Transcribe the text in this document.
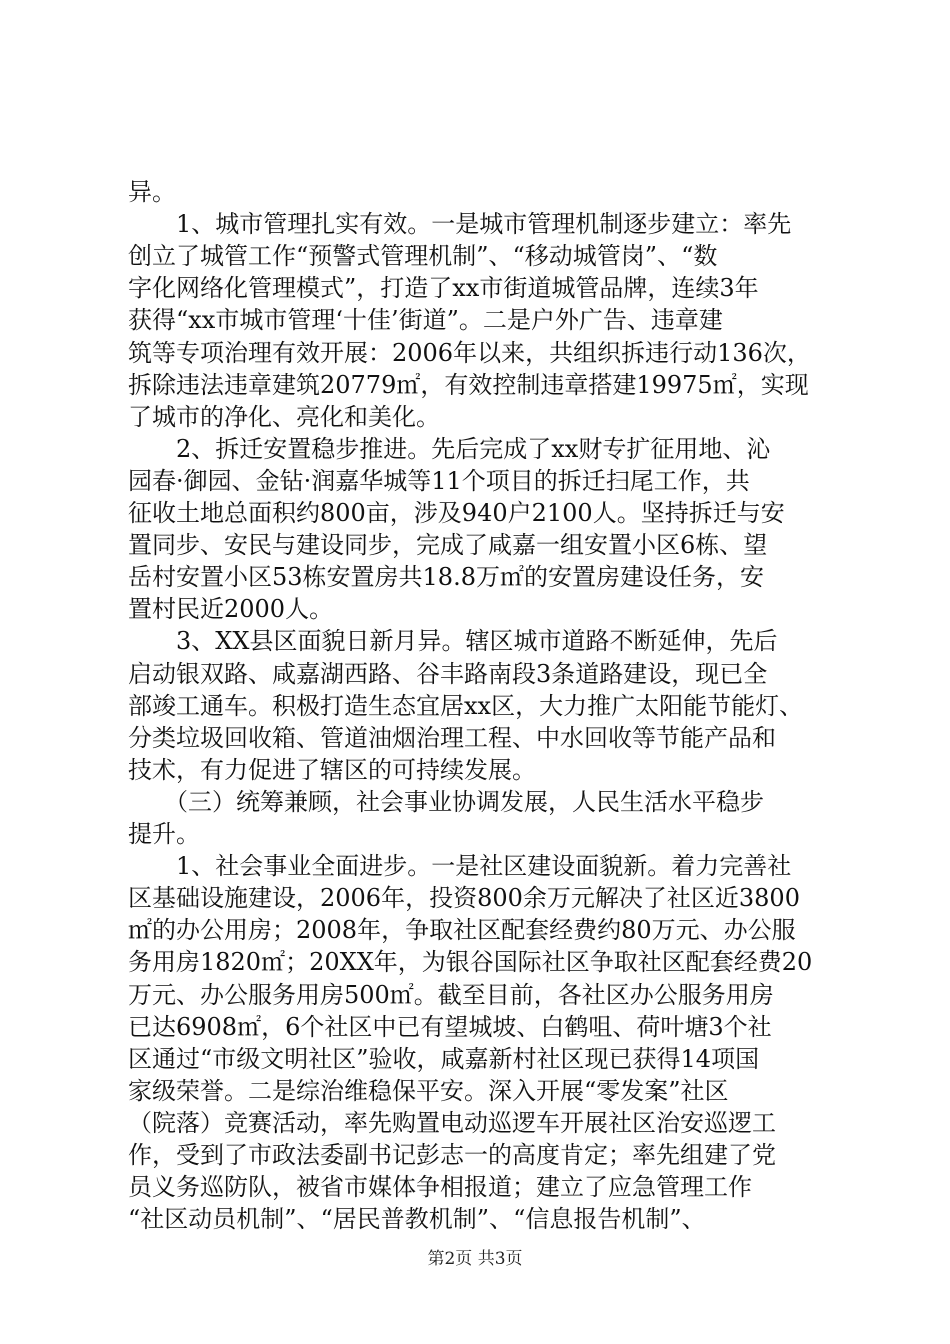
异。
　　1、城市管理扎实有效。一是城市管理机制逐步建立：率先
创立了城管工作“预警式管理机制”、“移动城管岗”、“数
字化网络化管理模式”，打造了xx市街道城管品牌，连续3年
获得“xx市城市管理‘十佳’街道”。二是户外广告、违章建
筑等专项治理有效开展：2006年以来，共组织拆违行动136次，
拆除违法违章建筑20779㎡，有效控制违章搭建19975㎡，实现
了城市的净化、亮化和美化。
　　2、拆迁安置稳步推进。先后完成了xx财专扩征用地、沁
园春·御园、金钻·润嘉华城等11个项目的拆迁扫尾工作，共
征收土地总面积约800亩，涉及940户2100人。坚持拆迁与安
置同步、安民与建设同步，完成了咸嘉一组安置小区6栋、望
岳村安置小区53栋安置房共18.8万㎡的安置房建设任务，安
置村民近2000人。
　　3、XX县区面貌日新月异。辖区城市道路不断延伸，先后
启动银双路、咸嘉湖西路、谷丰路南段3条道路建设，现已全
部竣工通车。积极打造生态宜居xx区，大力推广太阳能节能灯、
分类垃圾回收箱、管道油烟治理工程、中水回收等节能产品和
技术，有力促进了辖区的可持续发展。
　　（三）统筹兼顾，社会事业协调发展，人民生活水平稳步
提升。
　　1、社会事业全面进步。一是社区建设面貌新。着力完善社
区基础设施建设，2006年，投资800余万元解决了社区近3800
㎡的办公用房；2008年，争取社区配套经费约80万元、办公服
务用房1820㎡；20XX年，为银谷国际社区争取社区配套经费20
万元、办公服务用房500㎡。截至目前，各社区办公服务用房
已达6908㎡，6个社区中已有望城坡、白鹤咀、荷叶塘3个社
区通过“市级文明社区”验收，咸嘉新村社区现已获得14项国
家级荣誉。二是综治维稳保平安。深入开展“零发案”社区
（院落）竞赛活动，率先购置电动巡逻车开展社区治安巡逻工
作，受到了市政法委副书记彭志一的高度肯定；率先组建了党
员义务巡防队，被省市媒体争相报道；建立了应急管理工作
“社区动员机制”、“居民普教机制”、“信息报告机制”、
第2页 共3页
